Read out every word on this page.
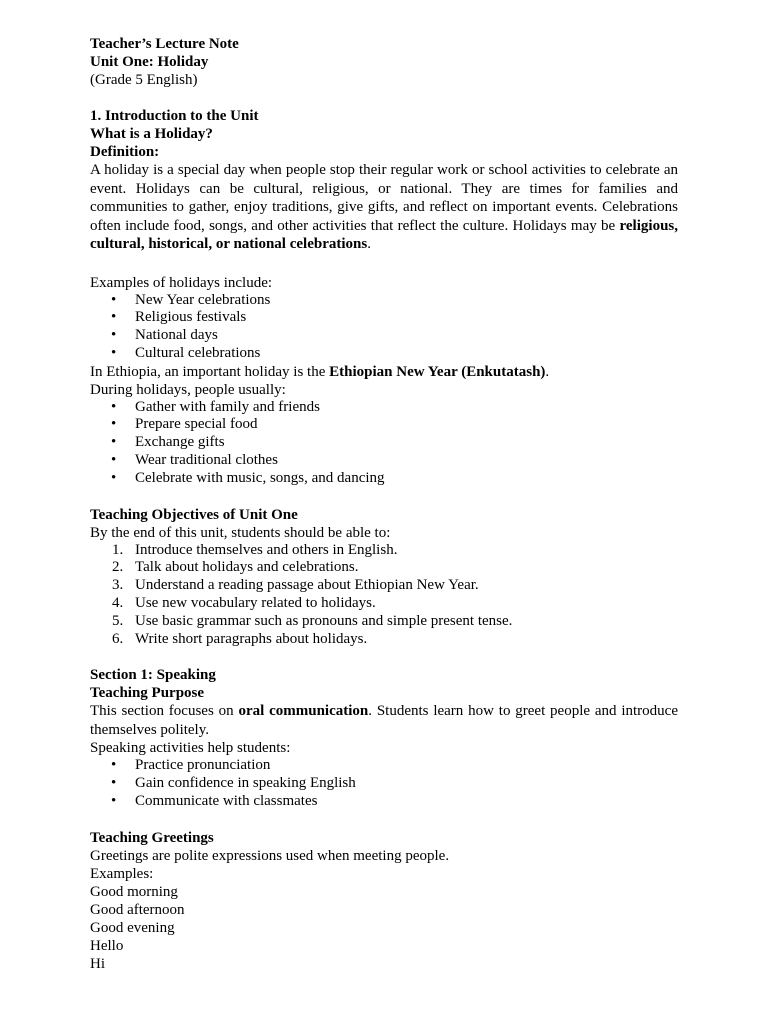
Teacher’s Lecture Note
Unit One: Holiday
(Grade 5 English)
1. Introduction to the Unit
What is a Holiday?
Definition:
A holiday is a special day when people stop their regular work or school activities to celebrate an event. Holidays can be cultural, religious, or national. They are times for families and communities to gather, enjoy traditions, give gifts, and reflect on important events. Celebrations often include food, songs, and other activities that reflect the culture. Holidays may be religious, cultural, historical, or national celebrations.
Examples of holidays include:
• New Year celebrations
• Religious festivals
• National days
• Cultural celebrations
In Ethiopia, an important holiday is the Ethiopian New Year (Enkutatash).
During holidays, people usually:
• Gather with family and friends
• Prepare special food
• Exchange gifts
• Wear traditional clothes
• Celebrate with music, songs, and dancing
Teaching Objectives of Unit One
By the end of this unit, students should be able to:
1. Introduce themselves and others in English.
2. Talk about holidays and celebrations.
3. Understand a reading passage about Ethiopian New Year.
4. Use new vocabulary related to holidays.
5. Use basic grammar such as pronouns and simple present tense.
6. Write short paragraphs about holidays.
Section 1: Speaking
Teaching Purpose
This section focuses on oral communication. Students learn how to greet people and introduce themselves politely.
Speaking activities help students:
• Practice pronunciation
• Gain confidence in speaking English
• Communicate with classmates
Teaching Greetings
Greetings are polite expressions used when meeting people.
Examples:
Good morning
Good afternoon
Good evening
Hello
Hi
